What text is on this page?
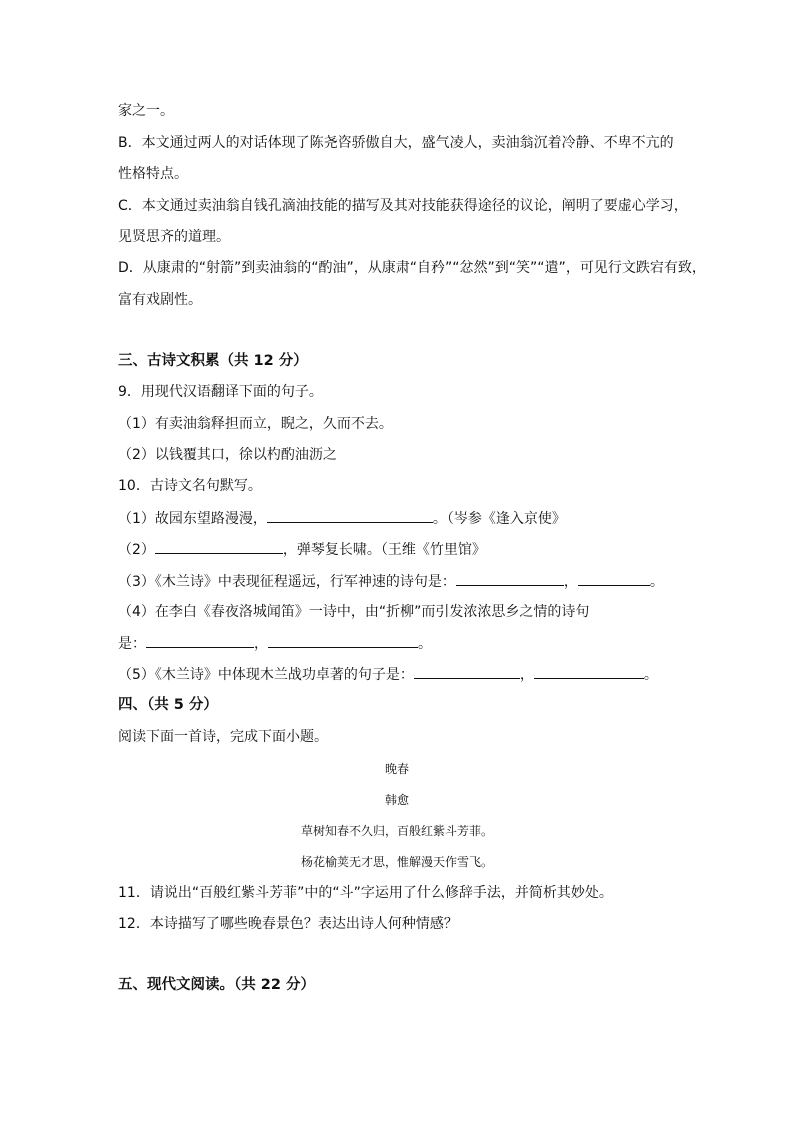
家之一。
B．本文通过两人的对话体现了陈尧咨骄傲自大，盛气凌人，卖油翁沉着冷静、不卑不亢的
性格特点。
C．本文通过卖油翁自钱孔滴油技能的描写及其对技能获得途径的议论，阐明了要虚心学习，
见贤思齐的道理。
D．从康肃的“射箭”到卖油翁的“酌油”，从康肃“自矜”“忿然”到“笑”“遣”，可见行文跌宕有致，
富有戏剧性。
三、古诗文积累（共 12 分）
9．用现代汉语翻译下面的句子。
（1）有卖油翁释担而立，睨之，久而不去。
（2）以钱覆其口，徐以杓酌油沥之
10．古诗文名句默写。
（1）故园东望路漫漫，	。（岑参《逢入京使》
（2）	，弹琴复长啸。（王维《竹里馆》
（3）《木兰诗》中表现征程遥远，行军神速的诗句是：	，	。
（4）在李白《春夜洛城闻笛》一诗中，由“折柳”而引发浓浓思乡之情的诗句
是：	，	。
（5）《木兰诗》中体现木兰战功卓著的句子是：	，	。
四、（共 5 分）
阅读下面一首诗，完成下面小题。
晚春
韩愈
草树知春不久归，百般红紫斗芳菲。
杨花榆荚无才思，惟解漫天作雪飞。
11．请说出“百般红紫斗芳菲”中的“斗”字运用了什么修辞手法，并简析其妙处。
12．本诗描写了哪些晚春景色？表达出诗人何种情感？
五、现代文阅读。（共 22 分）
